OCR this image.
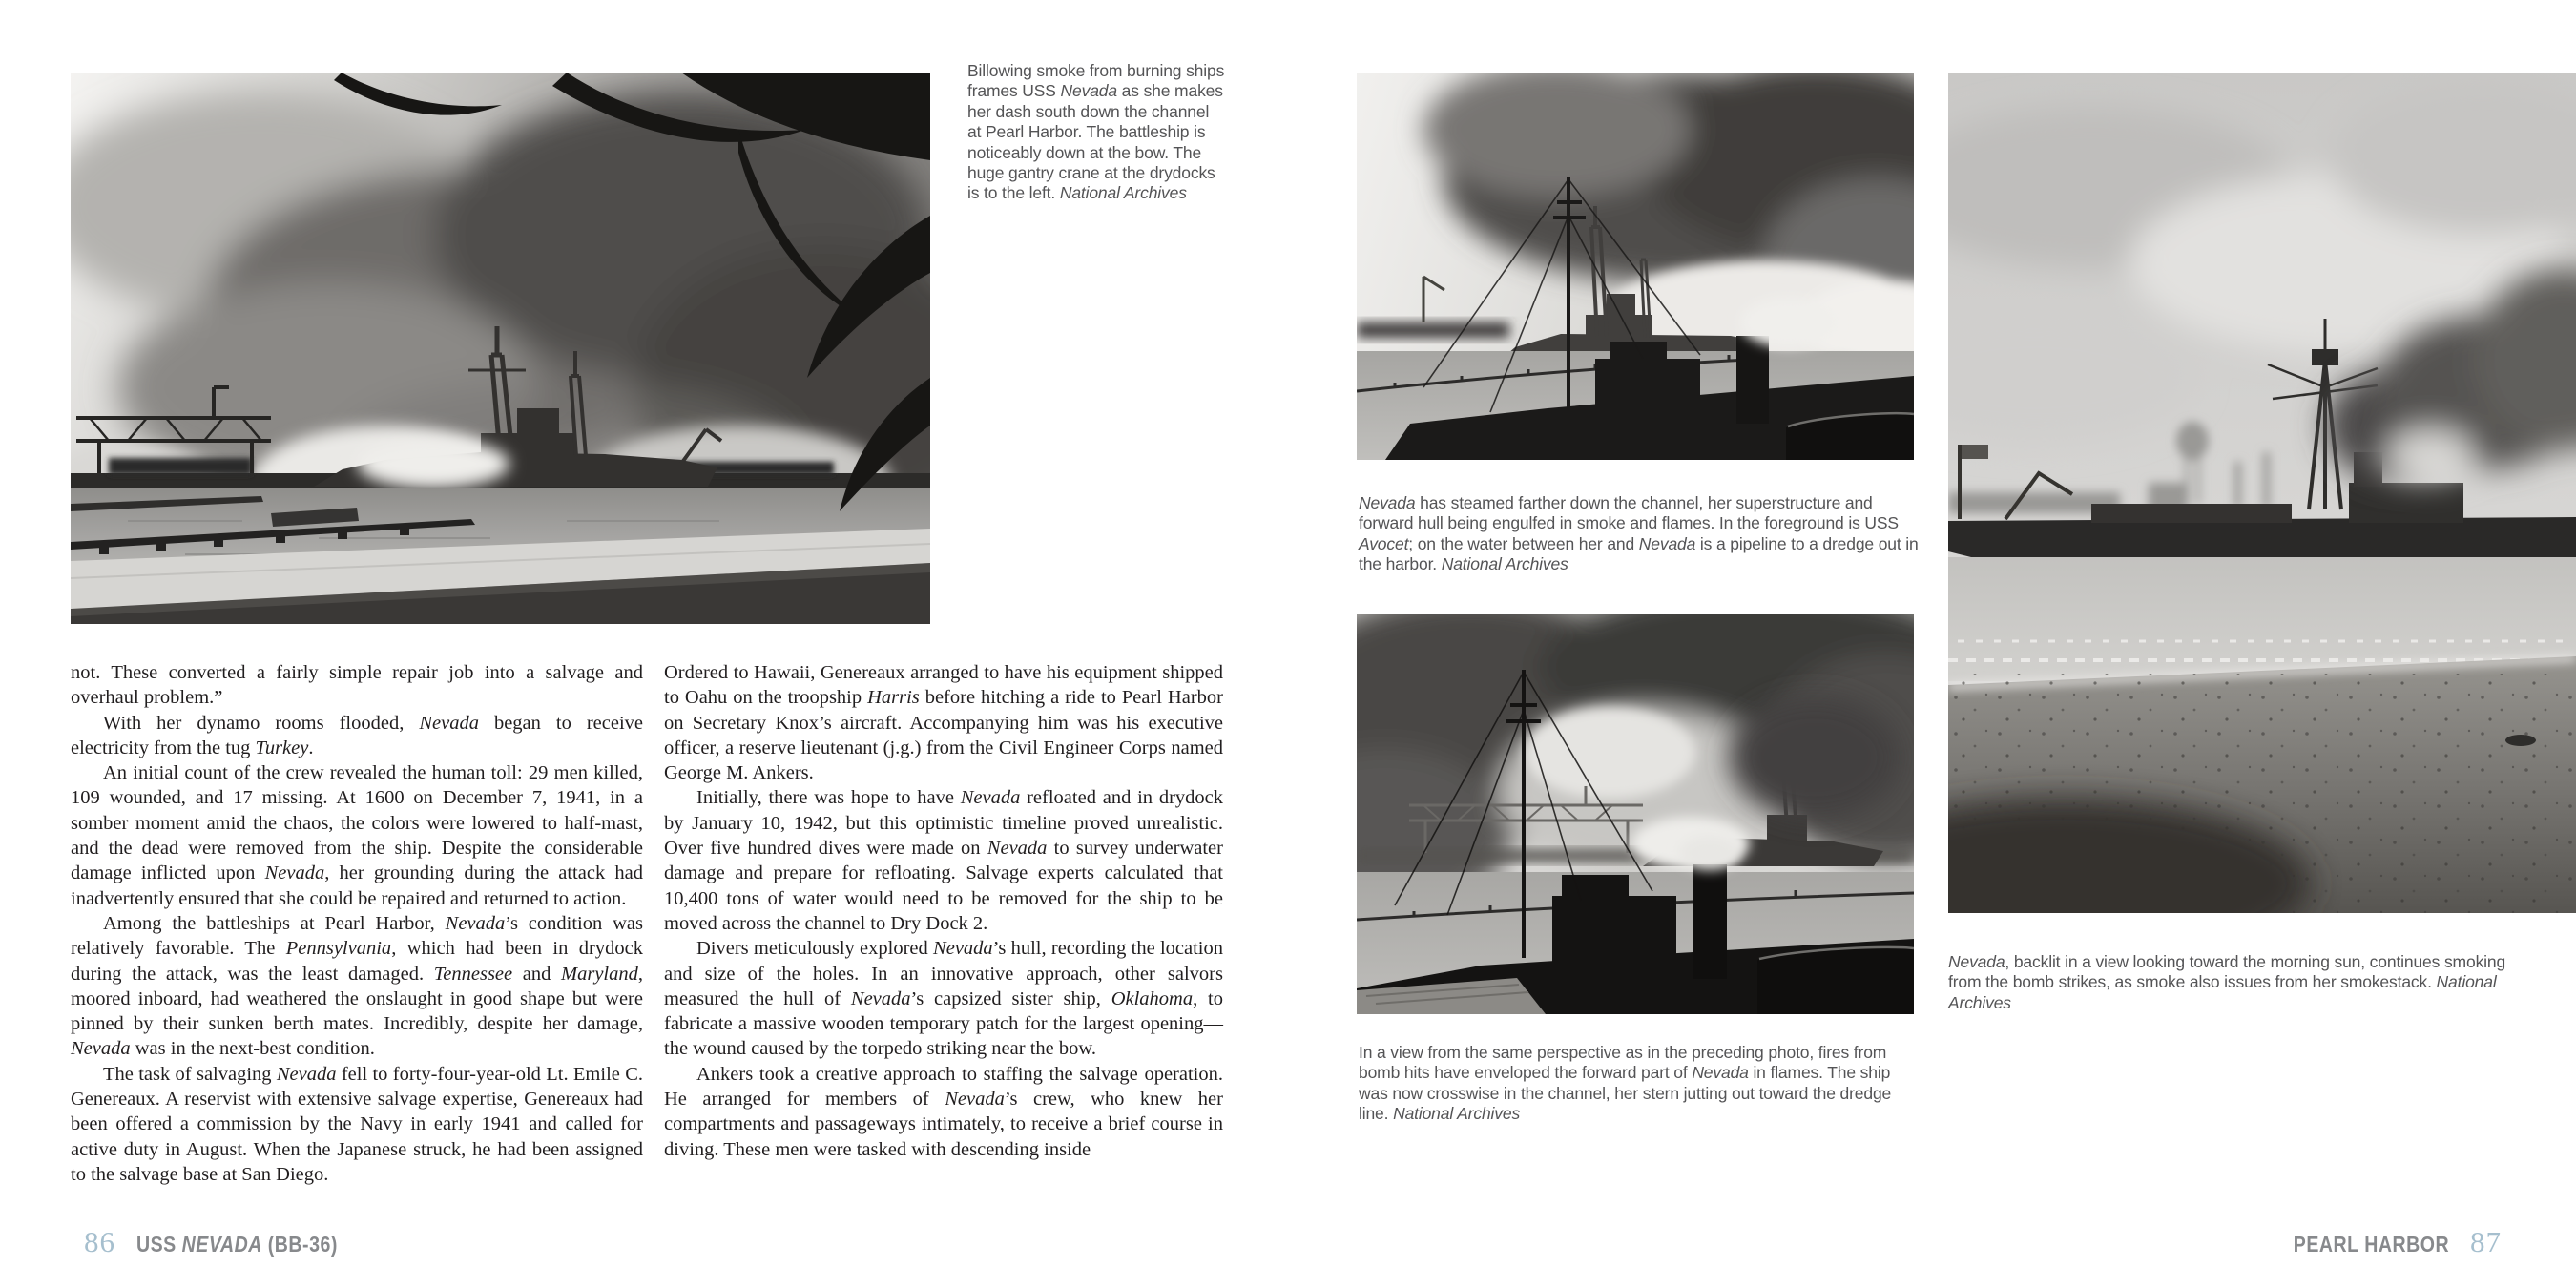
Billowing smoke from burning ships frames USS Nevada as she makes her dash south down the channel at Pearl Harbor. The battleship is noticeably down at the bow. The huge gantry crane at the drydocks is to the left. National Archives

not. These converted a fairly simple repair job into a salvage and overhaul problem.”

With her dynamo rooms flooded, Nevada began to receive electricity from the tug Turkey.

An initial count of the crew revealed the human toll: 29 men killed, 109 wounded, and 17 missing. At 1600 on December 7, 1941, in a somber moment amid the chaos, the colors were lowered to half-mast, and the dead were removed from the ship. Despite the considerable damage inflicted upon Nevada, her grounding during the attack had inadvertently ensured that she could be repaired and returned to action.

Among the battleships at Pearl Harbor, Nevada’s condition was relatively favorable. The Pennsylvania, which had been in drydock during the attack, was the least damaged. Tennessee and Maryland, moored inboard, had weathered the onslaught in good shape but were pinned by their sunken berth mates. Incredibly, despite her damage, Nevada was in the next-best condition.

The task of salvaging Nevada fell to forty-four-year-old Lt. Emile C. Genereaux. A reservist with extensive salvage expertise, Genereaux had been offered a commission by the Navy in early 1941 and called for active duty in August. When the Japanese struck, he had been assigned to the salvage base at San Diego.

Ordered to Hawaii, Genereaux arranged to have his equipment shipped to Oahu on the troopship Harris before hitching a ride to Pearl Harbor on Secretary Knox’s aircraft. Accompanying him was his executive officer, a reserve lieutenant (j.g.) from the Civil Engineer Corps named George M. Ankers.

Initially, there was hope to have Nevada refloated and in drydock by January 10, 1942, but this optimistic timeline proved unrealistic. Over five hundred dives were made on Nevada to survey underwater damage and prepare for refloating. Salvage experts calculated that 10,400 tons of water would need to be removed for the ship to be moved across the channel to Dry Dock 2.

Divers meticulously explored Nevada’s hull, recording the location and size of the holes. In an innovative approach, other salvors measured the hull of Nevada’s capsized sister ship, Oklahoma, to fabricate a massive wooden temporary patch for the largest opening—the wound caused by the torpedo striking near the bow.

Ankers took a creative approach to staffing the salvage operation. He arranged for members of Nevada’s crew, who knew her compartments and passageways intimately, to receive a brief course in diving. These men were tasked with descending inside

86 USS NEVADA (BB-36)
Nevada has steamed farther down the channel, her superstructure and forward hull being engulfed in smoke and flames. In the foreground is USS Avocet; on the water between her and Nevada is a pipeline to a dredge out in the harbor. National Archives
In a view from the same perspective as in the preceding photo, fires from bomb hits have enveloped the forward part of Nevada in flames. The ship was now crosswise in the channel, her stern jutting out toward the dredge line. National Archives
Nevada, backlit in a view looking toward the morning sun, continues smoking from the bomb strikes, as smoke also issues from her smokestack. National Archives
PEARL HARBOR 87
